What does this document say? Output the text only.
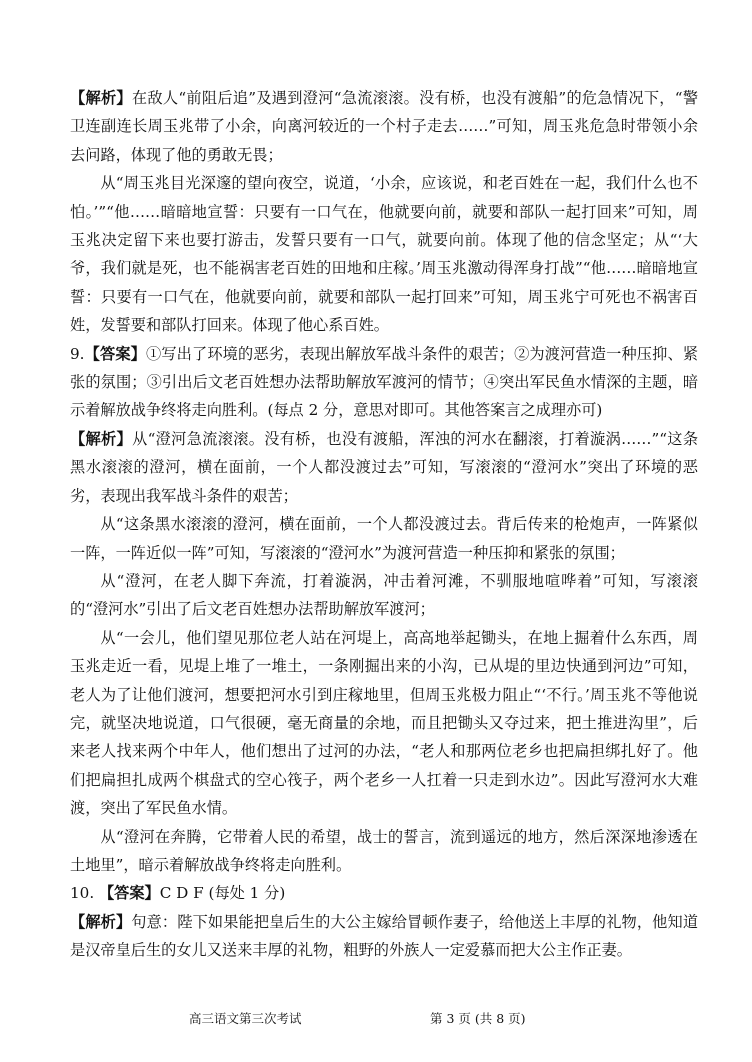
【解析】在敌人“前阻后追”及遇到澄河“急流滚滚。没有桥，也没有渡船”的危急情况下，“警卫连副连长周玉兆带了小余，向离河较近的一个村子走去……”可知，周玉兆危急时带领小余去问路，体现了他的勇敢无畏；

从“周玉兆目光深邃的望向夜空，说道，‘小余，应该说，和老百姓在一起，我们什么也不怕。’”“他……暗暗地宣誓：只要有一口气在，他就要向前，就要和部队一起打回来”可知，周玉兆决定留下来也要打游击，发誓只要有一口气，就要向前。体现了他的信念坚定；从“‘大爷，我们就是死，也不能祸害老百姓的田地和庄稼。’周玉兆激动得浑身打战”“他……暗暗地宣誓：只要有一口气在，他就要向前，就要和部队一起打回来”可知，周玉兆宁可死也不祸害百姓，发誓要和部队打回来。体现了他心系百姓。

9.【答案】①写出了环境的恶劣，表现出解放军战斗条件的艰苦；②为渡河营造一种压抑、紧张的氛围；③引出后文老百姓想办法帮助解放军渡河的情节；④突出军民鱼水情深的主题，暗示着解放战争终将走向胜利。(每点 2 分，意思对即可。其他答案言之成理亦可)

【解析】从“澄河急流滚滚。没有桥，也没有渡船，浑浊的河水在翻滚，打着漩涡……”“这条黑水滚滚的澄河，横在面前，一个人都没渡过去”可知，写滚滚的“澄河水”突出了环境的恶劣，表现出我军战斗条件的艰苦；

从“这条黑水滚滚的澄河，横在面前，一个人都没渡过去。背后传来的枪炮声，一阵紧似一阵，一阵近似一阵”可知，写滚滚的“澄河水”为渡河营造一种压抑和紧张的氛围；

从“澄河，在老人脚下奔流，打着漩涡，冲击着河滩，不驯服地喧哗着”可知，写滚滚的“澄河水”引出了后文老百姓想办法帮助解放军渡河；

从“一会儿，他们望见那位老人站在河堤上，高高地举起锄头，在地上掘着什么东西，周玉兆走近一看，见堤上堆了一堆土，一条刚掘出来的小沟，已从堤的里边快通到河边”可知，老人为了让他们渡河，想要把河水引到庄稼地里，但周玉兆极力阻止“‘不行。’周玉兆不等他说完，就坚决地说道，口气很硬，毫无商量的余地，而且把锄头又夺过来，把土推进沟里”，后来老人找来两个中年人，他们想出了过河的办法，“老人和那两位老乡也把扁担绑扎好了。他们把扁担扎成两个棋盘式的空心筏子，两个老乡一人扛着一只走到水边”。因此写澄河水大难渡，突出了军民鱼水情。

从“澄河在奔腾，它带着人民的希望，战士的誓言，流到遥远的地方，然后深深地渗透在土地里”，暗示着解放战争终将走向胜利。

10. 【答案】C D F (每处 1 分)

【解析】句意：陛下如果能把皇后生的大公主嫁给冒顿作妻子，给他送上丰厚的礼物，他知道是汉帝皇后生的女儿又送来丰厚的礼物，粗野的外族人一定爱慕而把大公主作正妻。

高三语文第三次考试	第 3 页 (共 8 页)
